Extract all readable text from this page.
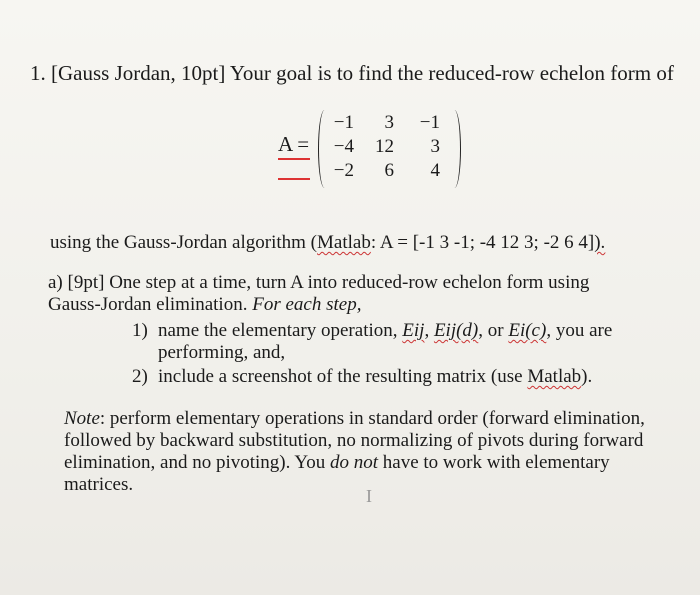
1. [Gauss Jordan, 10pt] Your goal is to find the reduced-row echelon form of
A =
−1	3	−1
−4	12	3
−2	6	4
using the Gauss-Jordan algorithm (Matlab: A = [-1 3 -1; -4 12 3; -2 6 4]).

a) [9pt] One step at a time, turn A into reduced-row echelon form using

Gauss-Jordan elimination. For each step,

1) name the elementary operation, Eij, Eij(d), or Ei(c), you are
performing, and,
2) include a screenshot of the resulting matrix (use Matlab).

Note: perform elementary operations in standard order (forward elimination,

followed by backward substitution, no normalizing of pivots during forward

elimination, and no pivoting). You do not have to work with elementary

matrices.

I
